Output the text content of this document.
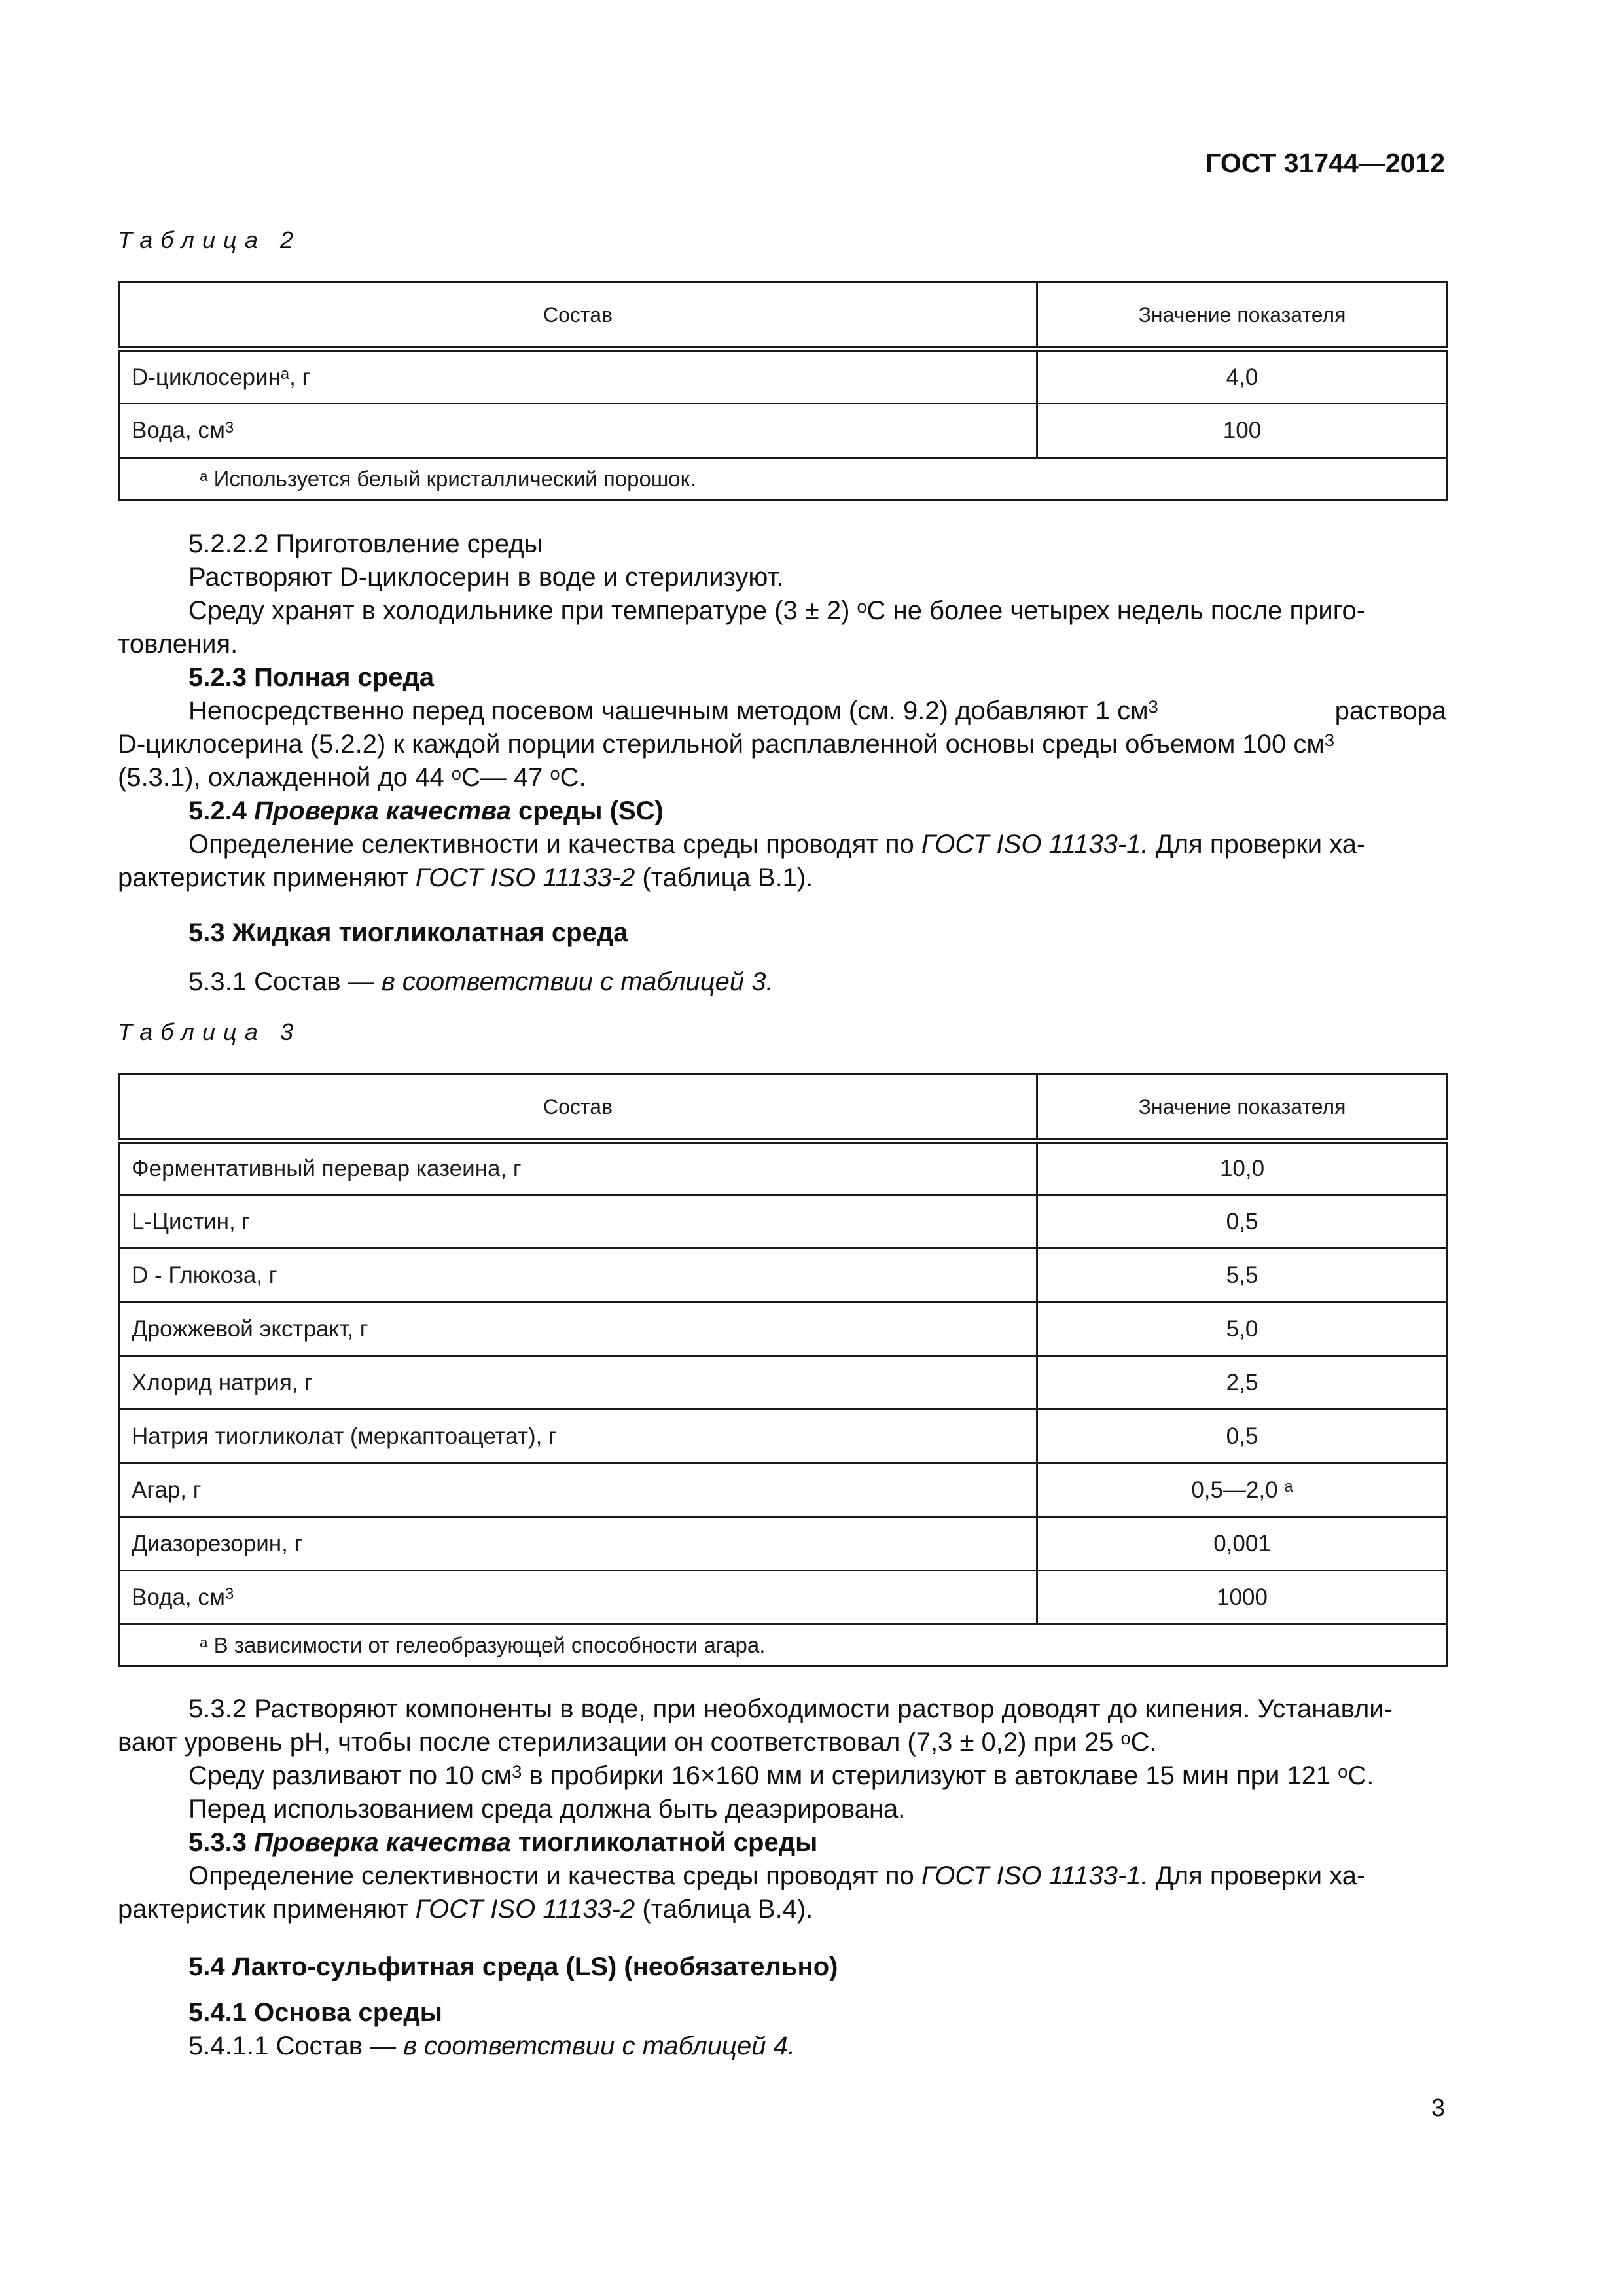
ГОСТ 31744—2012
Таблица 2
Состав	Значение показателя
D-циклосерин$^a$, г	4,0
Вода, $см^3$	100
$^a$ Используется белый кристаллический порошок.	
5.2.2.2 Приготовление среды
Растворяют D-циклосерин в воде и стерилизуют.
Среду хранят в холодильнике при температуре (3 ± 2) $^o$С не более четырех недель после приго-
товления.
5.2.3 Полная среда
Непосредственно перед посевом чашечным методом (см. 9.2) добавляют 1 $см^3$	раствора
D-циклосерина (5.2.2) к каждой порции стерильной расплавленной основы среды объемом 100 $см^3$
(5.3.1), охлажденной до 44 $^о$С— 47 $^о$С.
5.2.4 Проверка качества среды (SC)
Определение селективности и качества среды проводят по ГОСТ ISO 11133-1. Для проверки ха-
рактеристик применяют ГОСТ ISO 11133-2 (таблица В.1).
5.3 Жидкая тиогликолатная среда
5.3.1 Состав — в соответствии с таблицей 3.
Таблица 3
Состав	Значение показателя
Ферментативный перевар казеина, г	10,0
L-Цистин, г	0,5
D - Глюкоза, г	5,5
Дрожжевой экстракт, г	5,0
Хлорид натрия, г	2,5
Натрия тиогликолат (меркаптоацетат), г	0,5
Агар, г	0,5—2,0 $^a$
Диазорезорин, г	0,001
Вода, $см^3$	1000
$^a$ В зависимости от гелеобразующей способности агара.	
5.3.2 Растворяют компоненты в воде, при необходимости раствор доводят до кипения. Устанавли-
вают уровень рН, чтобы после стерилизации он соответствовал (7,3 ± 0,2) при 25 $^о$С.
Среду разливают по 10 $см^3$ в пробирки 16×160 мм и стерилизуют в автоклаве 15 мин при 121 $^о$С.
Перед использованием среда должна быть деаэрирована.
5.3.3 Проверка качества тиогликолатной среды
Определение селективности и качества среды проводят по ГОСТ ISO 11133-1. Для проверки ха-
рактеристик применяют ГОСТ ISO 11133-2 (таблица В.4).
5.4 Лакто-сульфитная среда (LS) (необязательно)
5.4.1 Основа среды
5.4.1.1 Состав — в соответствии с таблицей 4.
3
